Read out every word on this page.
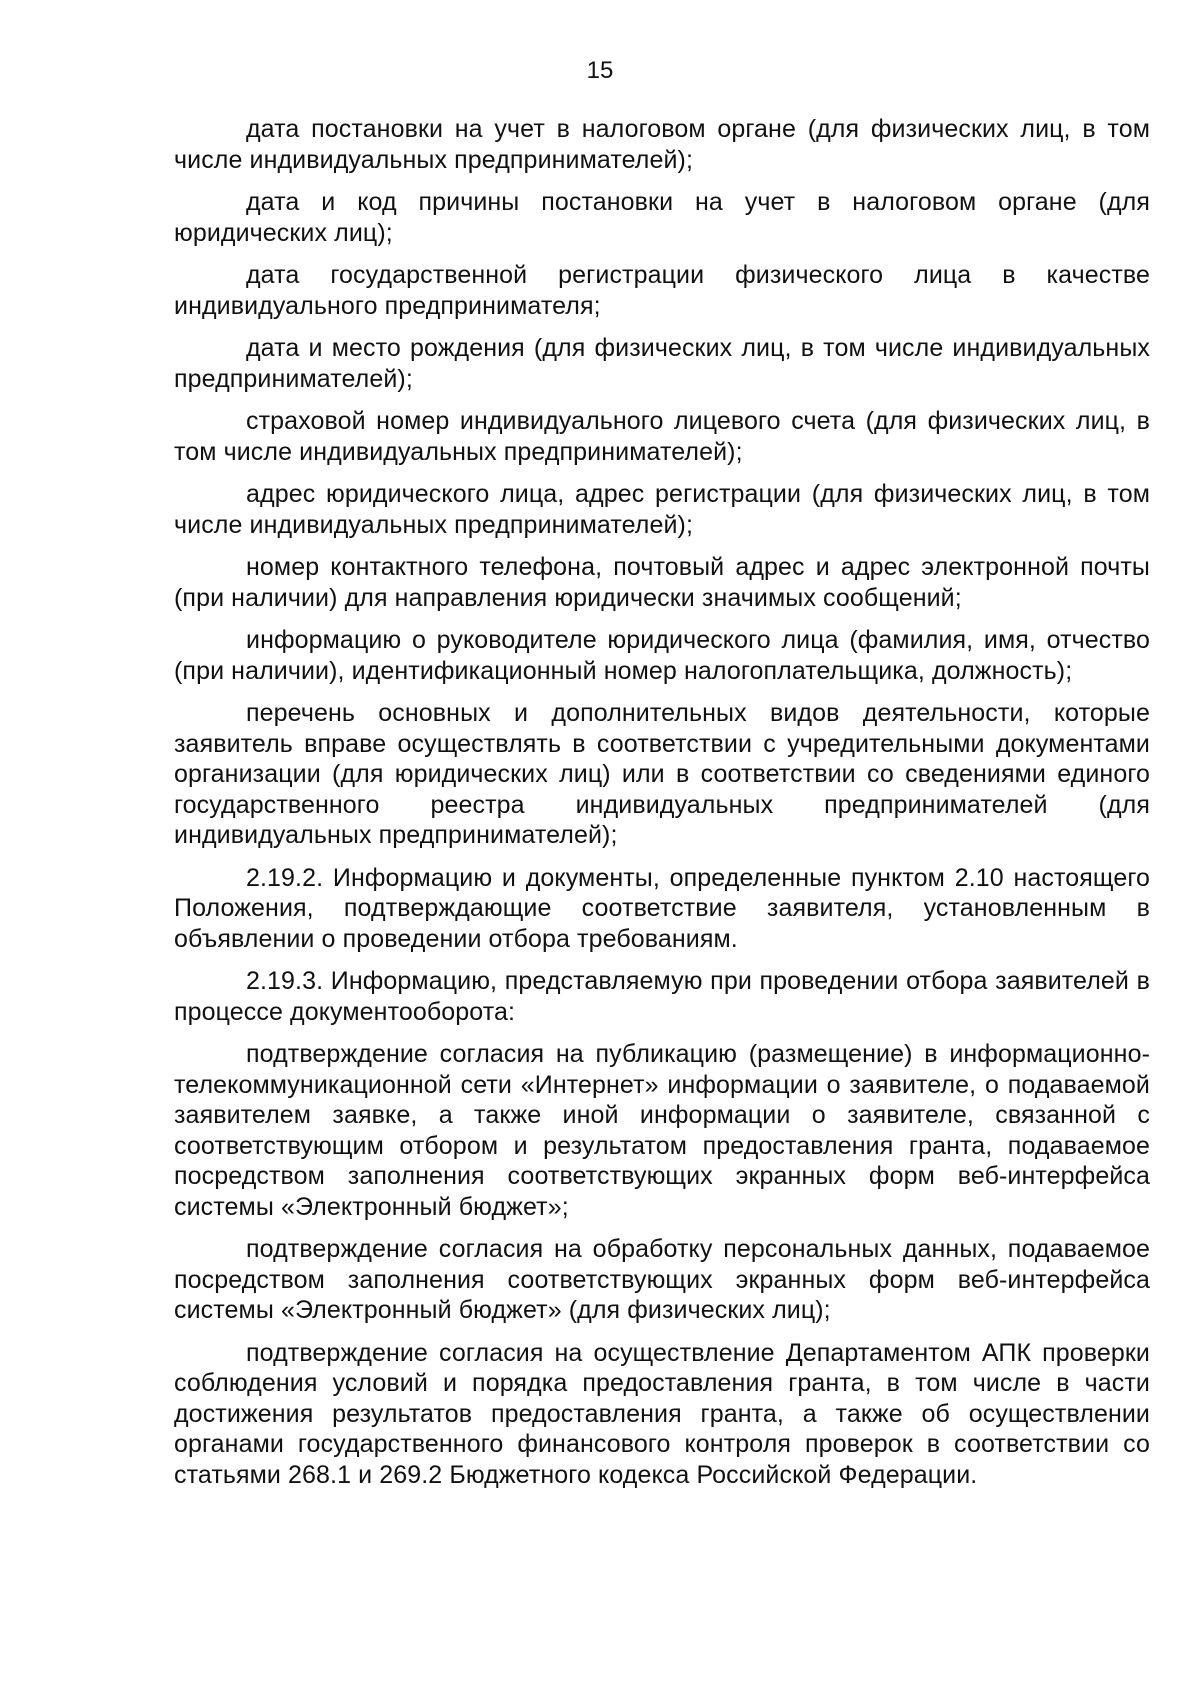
15

дата постановки на учет в налоговом органе (для физических лиц, в том числе индивидуальных предпринимателей);

дата и код причины постановки на учет в налоговом органе (для юридических лиц);

дата государственной регистрации физического лица в качестве индивидуального предпринимателя;

дата и место рождения (для физических лиц, в том числе индивидуальных предпринимателей);

страховой номер индивидуального лицевого счета (для физических лиц, в том числе индивидуальных предпринимателей);

адрес юридического лица, адрес регистрации (для физических лиц, в том числе индивидуальных предпринимателей);

номер контактного телефона, почтовый адрес и адрес электронной почты (при наличии) для направления юридически значимых сообщений;

информацию о руководителе юридического лица (фамилия, имя, отчество (при наличии), идентификационный номер налогоплательщика, должность);

перечень основных и дополнительных видов деятельности, которые заявитель вправе осуществлять в соответствии с учредительными документами организации (для юридических лиц) или в соответствии со сведениями единого государственного реестра индивидуальных предпринимателей (для индивидуальных предпринимателей);

2.19.2. Информацию и документы, определенные пунктом 2.10 настоящего Положения, подтверждающие соответствие заявителя, установленным в объявлении о проведении отбора требованиям.

2.19.3. Информацию, представляемую при проведении отбора заявителей в процессе документооборота:

подтверждение согласия на публикацию (размещение) в информационно-телекоммуникационной сети «Интернет» информации о заявителе, о подаваемой заявителем заявке, а также иной информации о заявителе, связанной с соответствующим отбором и результатом предоставления гранта, подаваемое посредством заполнения соответствующих экранных форм веб-интерфейса системы «Электронный бюджет»;

подтверждение согласия на обработку персональных данных, подаваемое посредством заполнения соответствующих экранных форм веб-интерфейса системы «Электронный бюджет» (для физических лиц);

подтверждение согласия на осуществление Департаментом АПК проверки соблюдения условий и порядка предоставления гранта, в том числе в части достижения результатов предоставления гранта, а также об осуществлении органами государственного финансового контроля проверок в соответствии со статьями 268.1 и 269.2 Бюджетного кодекса Российской Федерации.
